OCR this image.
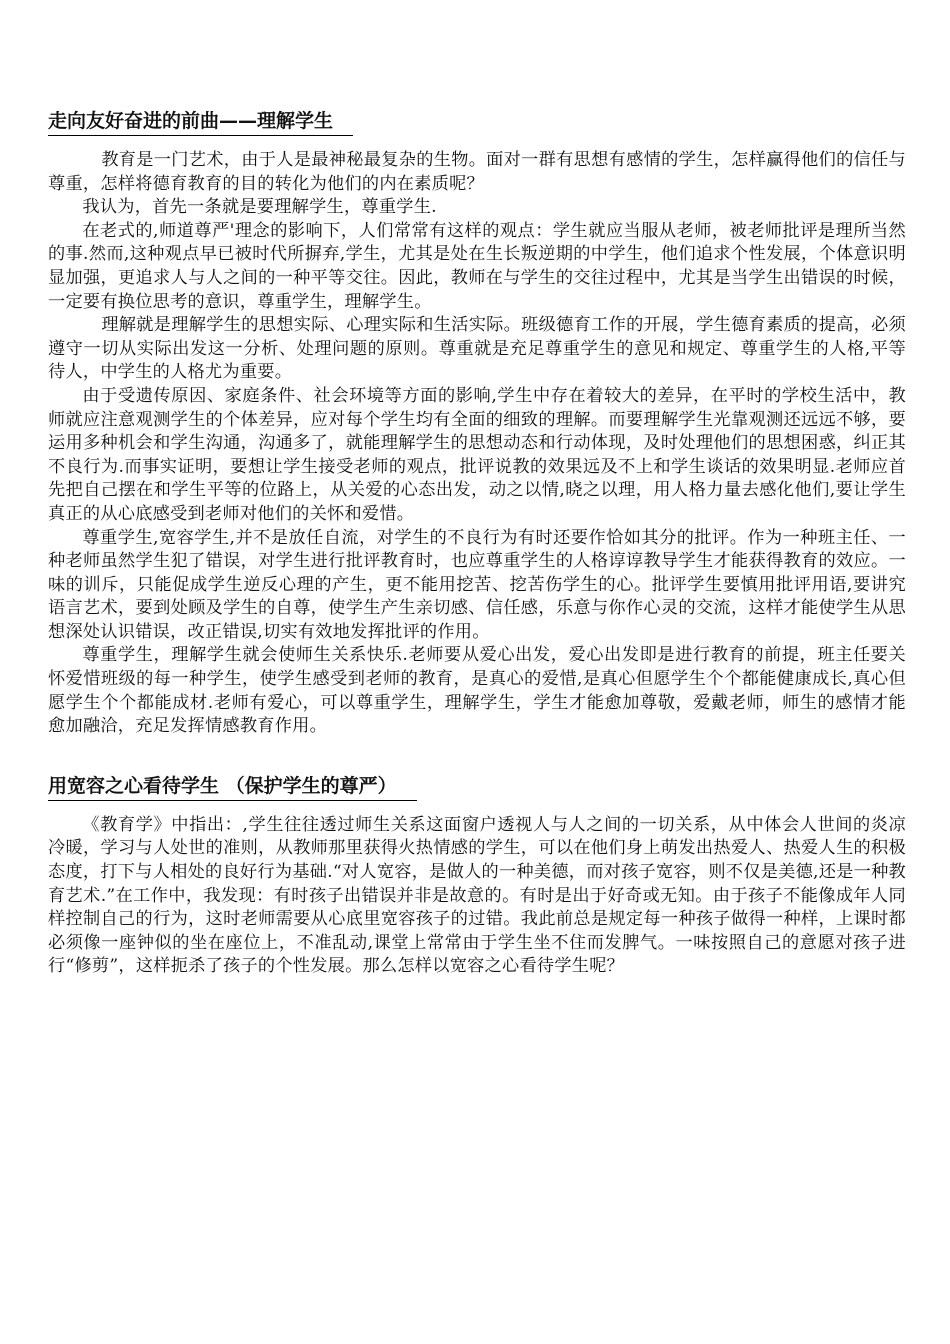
走向友好奋进的前曲——理解学生

教育是一门艺术，由于人是最神秘最复杂的生物。面对一群有思想有感情的学生，怎样赢得他们的信任与尊重，怎样将德育教育的目的转化为他们的内在素质呢？

我认为，首先一条就是要理解学生，尊重学生.

在老式的,师道尊严'理念的影响下，人们常常有这样的观点：学生就应当服从老师，被老师批评是理所当然的事.然而,这种观点早已被时代所摒弃,学生，尤其是处在生长叛逆期的中学生，他们追求个性发展，个体意识明显加强，更追求人与人之间的一种平等交往。因此，教师在与学生的交往过程中，尤其是当学生出错误的时候，一定要有换位思考的意识，尊重学生，理解学生。

理解就是理解学生的思想实际、心理实际和生活实际。班级德育工作的开展，学生德育素质的提高，必须遵守一切从实际出发这一分析、处理问题的原则。尊重就是充足尊重学生的意见和规定、尊重学生的人格,平等待人，中学生的人格尤为重要。

由于受遗传原因、家庭条件、社会环境等方面的影响,学生中存在着较大的差异，在平时的学校生活中，教师就应注意观测学生的个体差异，应对每个学生均有全面的细致的理解。而要理解学生光靠观测还远远不够，要运用多种机会和学生沟通，沟通多了，就能理解学生的思想动态和行动体现，及时处理他们的思想困惑，纠正其不良行为.而事实证明，要想让学生接受老师的观点，批评说教的效果远及不上和学生谈话的效果明显.老师应首先把自己摆在和学生平等的位路上，从关爱的心态出发，动之以情,晓之以理，用人格力量去感化他们,要让学生真正的从心底感受到老师对他们的关怀和爱惜。

尊重学生,宽容学生,并不是放任自流，对学生的不良行为有时还要作恰如其分的批评。作为一种班主任、一种老师虽然学生犯了错误，对学生进行批评教育时，也应尊重学生的人格谆谆教导学生才能获得教育的效应。一味的训斥，只能促成学生逆反心理的产生，更不能用挖苦、挖苦伤学生的心。批评学生要慎用批评用语,要讲究语言艺术，要到处顾及学生的自尊，使学生产生亲切感、信任感，乐意与你作心灵的交流，这样才能使学生从思想深处认识错误，改正错误,切实有效地发挥批评的作用。

尊重学生，理解学生就会使师生关系快乐.老师要从爱心出发，爱心出发即是进行教育的前提，班主任要关怀爱惜班级的每一种学生，使学生感受到老师的教育，是真心的爱惜,是真心但愿学生个个都能健康成长,真心但愿学生个个都能成材.老师有爱心，可以尊重学生，理解学生，学生才能愈加尊敬，爱戴老师，师生的感情才能愈加融洽，充足发挥情感教育作用。

用宽容之心看待学生 （保护学生的尊严）

《教育学》中指出：,学生往往透过师生关系这面窗户透视人与人之间的一切关系，从中体会人世间的炎凉冷暖，学习与人处世的准则，从教师那里获得火热情感的学生，可以在他们身上萌发出热爱人、热爱人生的积极态度，打下与人相处的良好行为基础.“对人宽容，是做人的一种美德，而对孩子宽容，则不仅是美德,还是一种教育艺术.”在工作中，我发现：有时孩子出错误并非是故意的。有时是出于好奇或无知。由于孩子不能像成年人同样控制自己的行为，这时老师需要从心底里宽容孩子的过错。我此前总是规定每一种孩子做得一种样，上课时都必须像一座钟似的坐在座位上，不准乱动,课堂上常常由于学生坐不住而发脾气。一味按照自己的意愿对孩子进行“修剪”，这样扼杀了孩子的个性发展。那么怎样以宽容之心看待学生呢？
